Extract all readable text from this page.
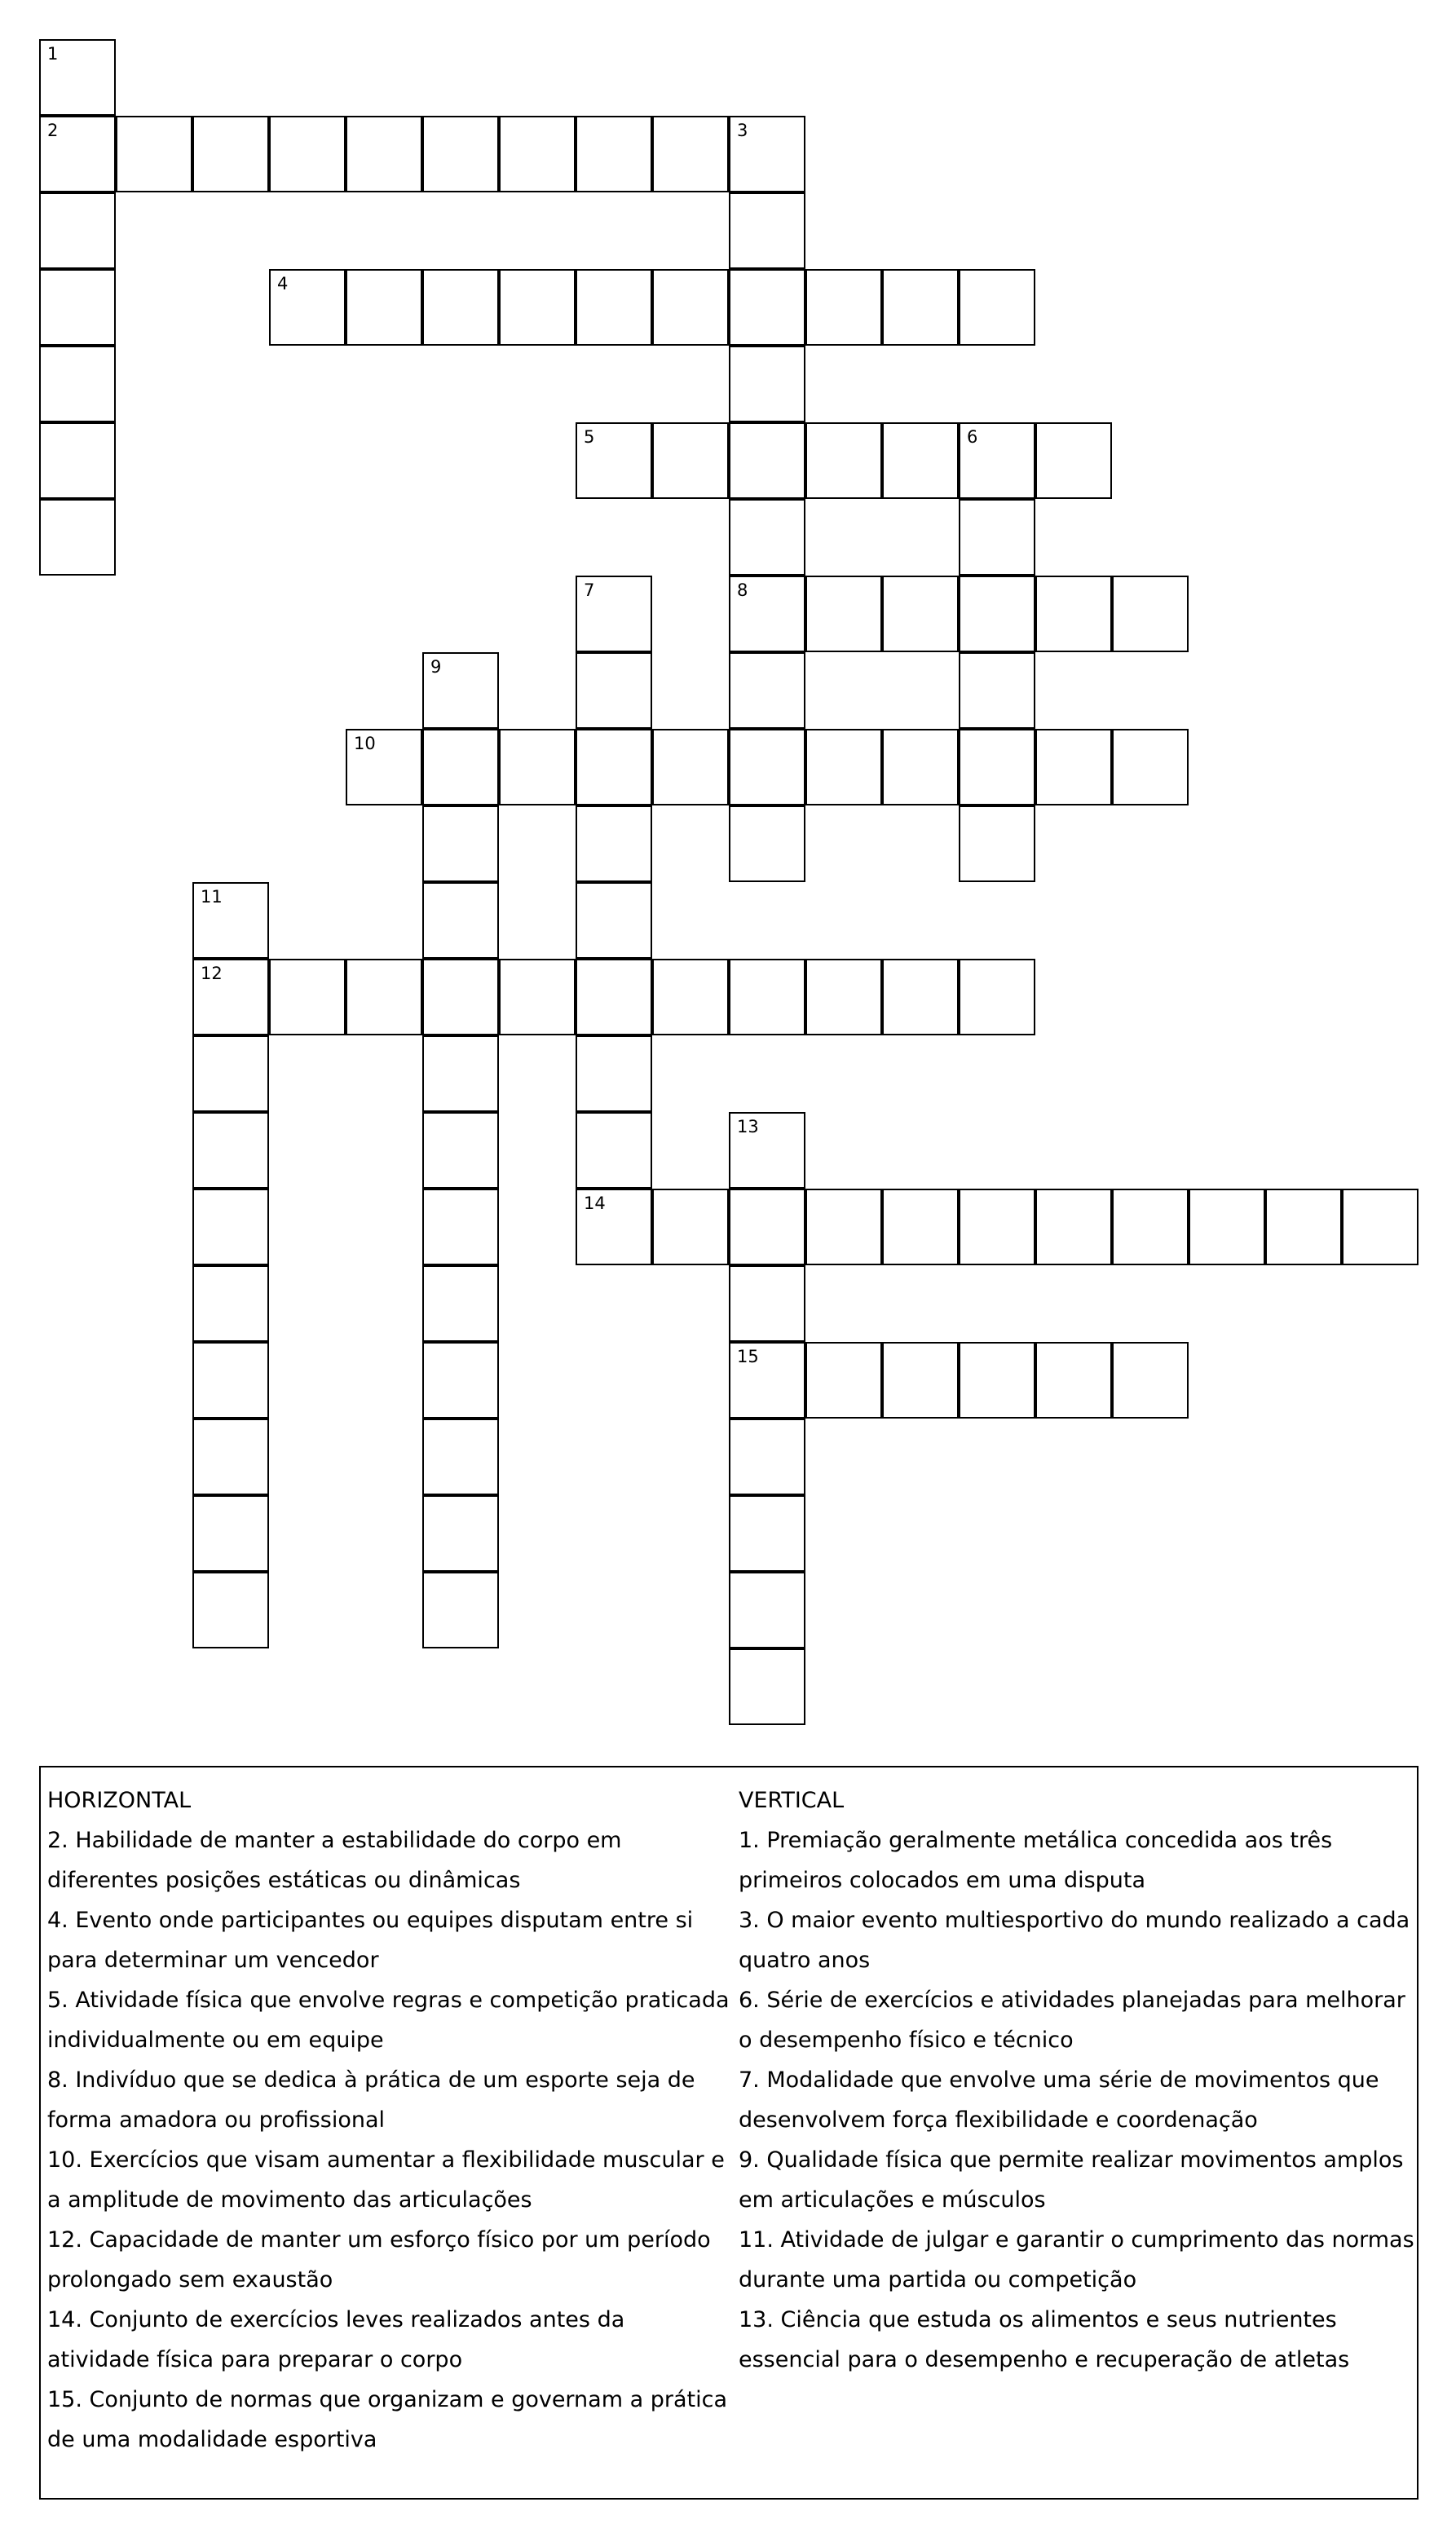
1
2	3
8
4
5	6
7
9
10
11
12
13
15
14
HORIZONTAL
2. Habilidade de manter a estabilidade do corpo em diferentes posições estáticas ou dinâmicas
4. Evento onde participantes ou equipes disputam entre si para determinar um vencedor
5. Atividade física que envolve regras e competição praticada individualmente ou em equipe
8. Indivíduo que se dedica à prática de um esporte seja de forma amadora ou profissional
10. Exercícios que visam aumentar a flexibilidade muscular e a amplitude de movimento das articulações
12. Capacidade de manter um esforço físico por um período prolongado sem exaustão
14. Conjunto de exercícios leves realizados antes da atividade física para preparar o corpo
15. Conjunto de normas que organizam e governam a prática de uma modalidade esportiva
VERTICAL
1. Premiação geralmente metálica concedida aos três primeiros colocados em uma disputa
3. O maior evento multiesportivo do mundo realizado a cada quatro anos
6. Série de exercícios e atividades planejadas para melhorar o desempenho físico e técnico
7. Modalidade que envolve uma série de movimentos que desenvolvem força flexibilidade e coordenação
9. Qualidade física que permite realizar movimentos amplos em articulações e músculos
11. Atividade de julgar e garantir o cumprimento das normas durante uma partida ou competição
13. Ciência que estuda os alimentos e seus nutrientes essencial para o desempenho e recuperação de atletas
